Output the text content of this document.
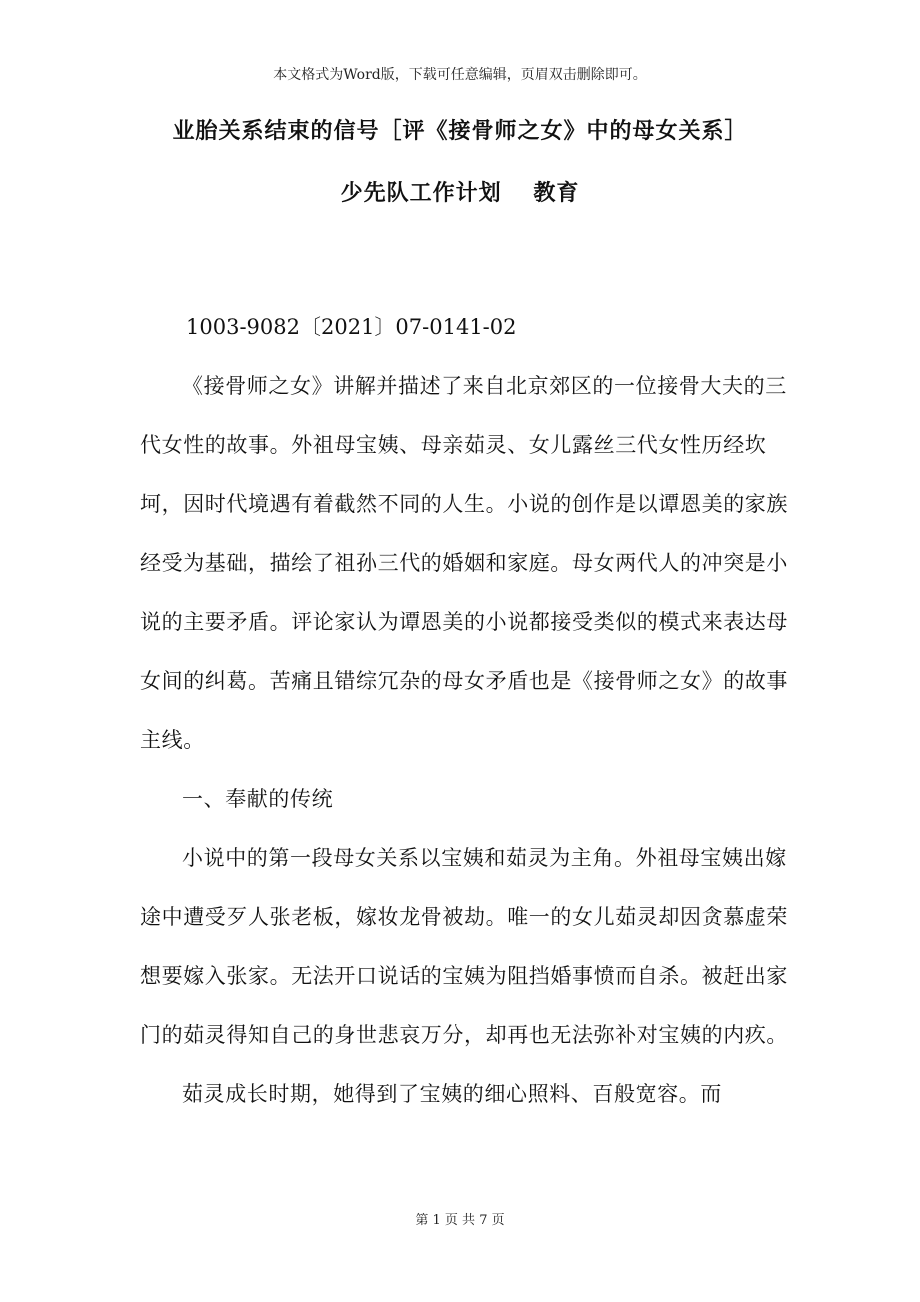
本文格式为Word版，下载可任意编辑，页眉双击删除即可。
业胎关系结束的信号［评《接骨师之女》中的母女关系］
少先队工作计划　 教育

1003-9082〔2021〕07-0141-02

《接骨师之女》讲解并描述了来自北京郊区的一位接骨大夫的三代女性的故事。外祖母宝姨、母亲茹灵、女儿露丝三代女性历经坎坷，因时代境遇有着截然不同的人生。小说的创作是以谭恩美的家族经受为基础，描绘了祖孙三代的婚姻和家庭。母女两代人的冲突是小说的主要矛盾。评论家认为谭恩美的小说都接受类似的模式来表达母女间的纠葛。苦痛且错综冗杂的母女矛盾也是《接骨师之女》的故事主线。

一、奉献的传统

小说中的第一段母女关系以宝姨和茹灵为主角。外祖母宝姨出嫁途中遭受歹人张老板，嫁妆龙骨被劫。唯一的女儿茹灵却因贪慕虚荣想要嫁入张家。无法开口说话的宝姨为阻挡婚事愤而自杀。被赶出家门的茹灵得知自己的身世悲哀万分，却再也无法弥补对宝姨的内疚。

茹灵成长时期，她得到了宝姨的细心照料、百般宽容。而

第 1 页 共 7 页
